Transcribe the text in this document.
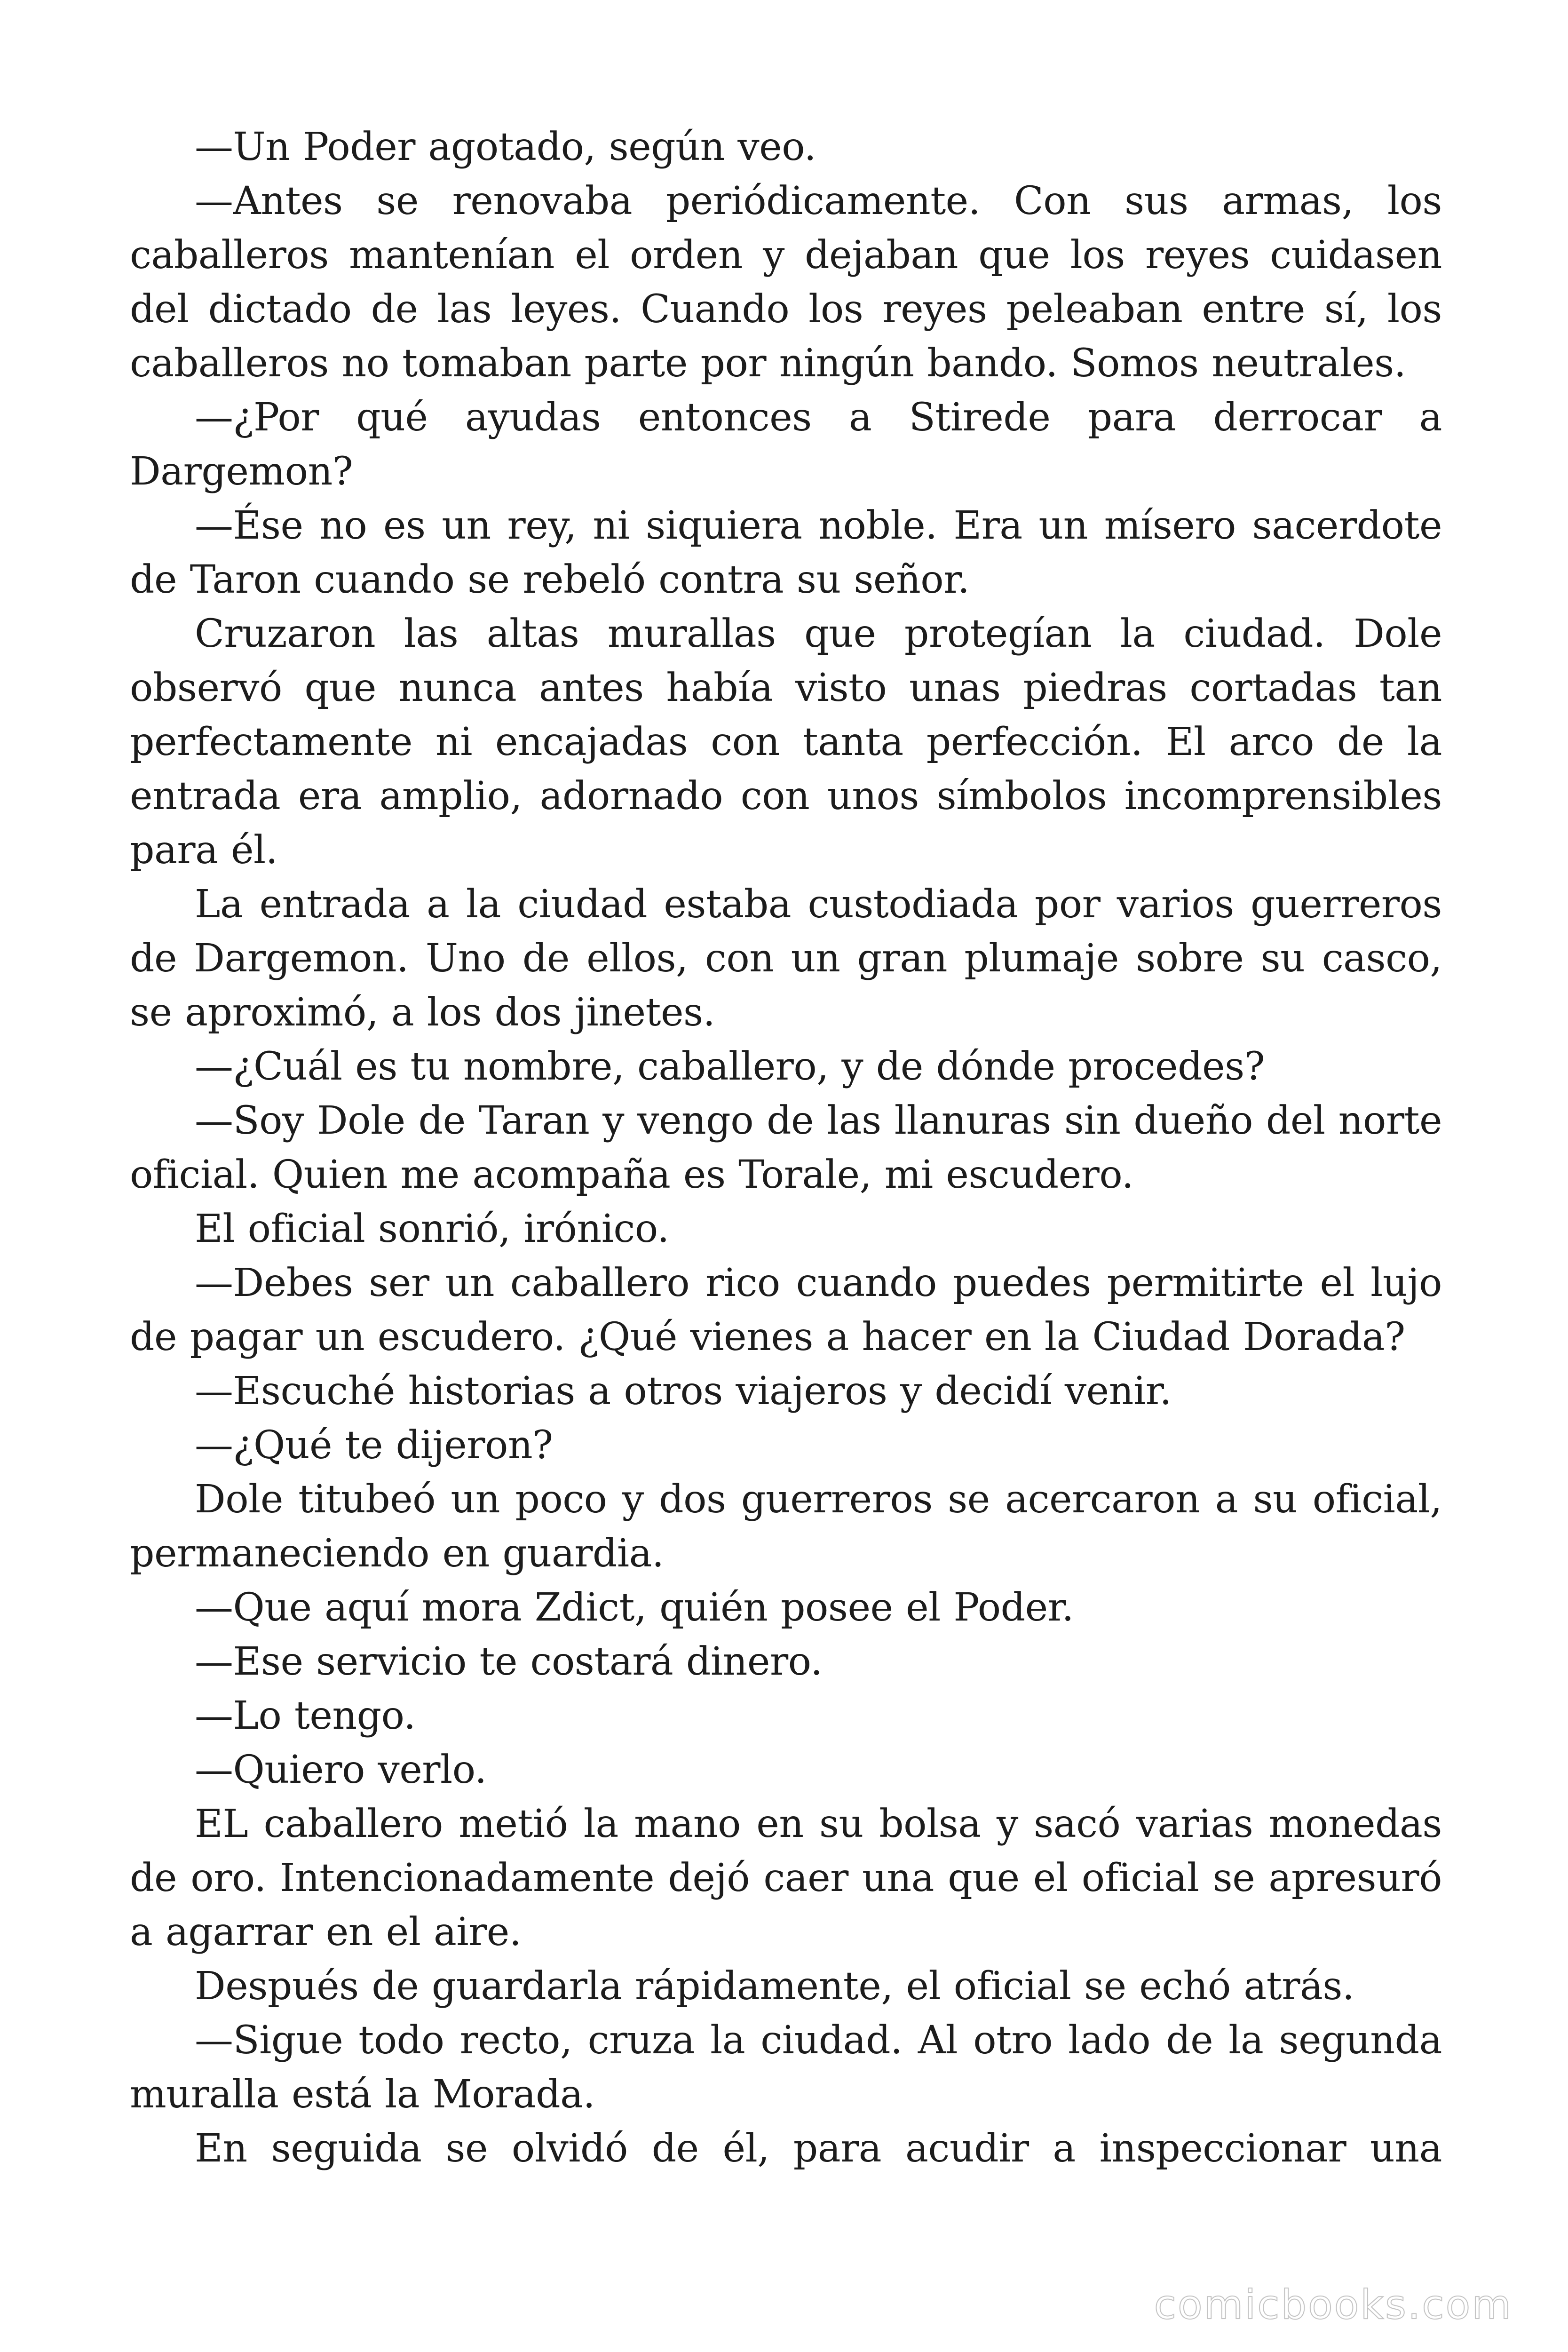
—Un Poder agotado, según veo.

—Antes se renovaba periódicamente. Con sus armas, los caballeros mantenían el orden y dejaban que los reyes cuidasen del dictado de las leyes. Cuando los reyes peleaban entre sí, los caballeros no tomaban parte por ningún bando. Somos neutrales.

—¿Por qué ayudas entonces a Stirede para derrocar a Dargemon?

—Ése no es un rey, ni siquiera noble. Era un mísero sacerdote de Taron cuando se rebeló contra su señor.

Cruzaron las altas murallas que protegían la ciudad. Dole observó que nunca antes había visto unas piedras cortadas tan perfectamente ni encajadas con tanta perfección. El arco de la entrada era amplio, adornado con unos símbolos incomprensibles para él.

La entrada a la ciudad estaba custodiada por varios guerreros de Dargemon. Uno de ellos, con un gran plumaje sobre su casco, se aproximó, a los dos jinetes.

—¿Cuál es tu nombre, caballero, y de dónde procedes?

—Soy Dole de Taran y vengo de las llanuras sin dueño del norte oficial. Quien me acompaña es Torale, mi escudero.

El oficial sonrió, irónico.

—Debes ser un caballero rico cuando puedes permitirte el lujo de pagar un escudero. ¿Qué vienes a hacer en la Ciudad Dorada?

—Escuché historias a otros viajeros y decidí venir.

—¿Qué te dijeron?

Dole titubeó un poco y dos guerreros se acercaron a su oficial, permaneciendo en guardia.

—Que aquí mora Zdict, quién posee el Poder.

—Ese servicio te costará dinero.

—Lo tengo.

—Quiero verlo.

EL caballero metió la mano en su bolsa y sacó varias monedas de oro. Intencionadamente dejó caer una que el oficial se apresuró a agarrar en el aire.

Después de guardarla rápidamente, el oficial se echó atrás.

—Sigue todo recto, cruza la ciudad. Al otro lado de la segunda muralla está la Morada.

En seguida se olvidó de él, para acudir a inspeccionar una

comicbooks.com
